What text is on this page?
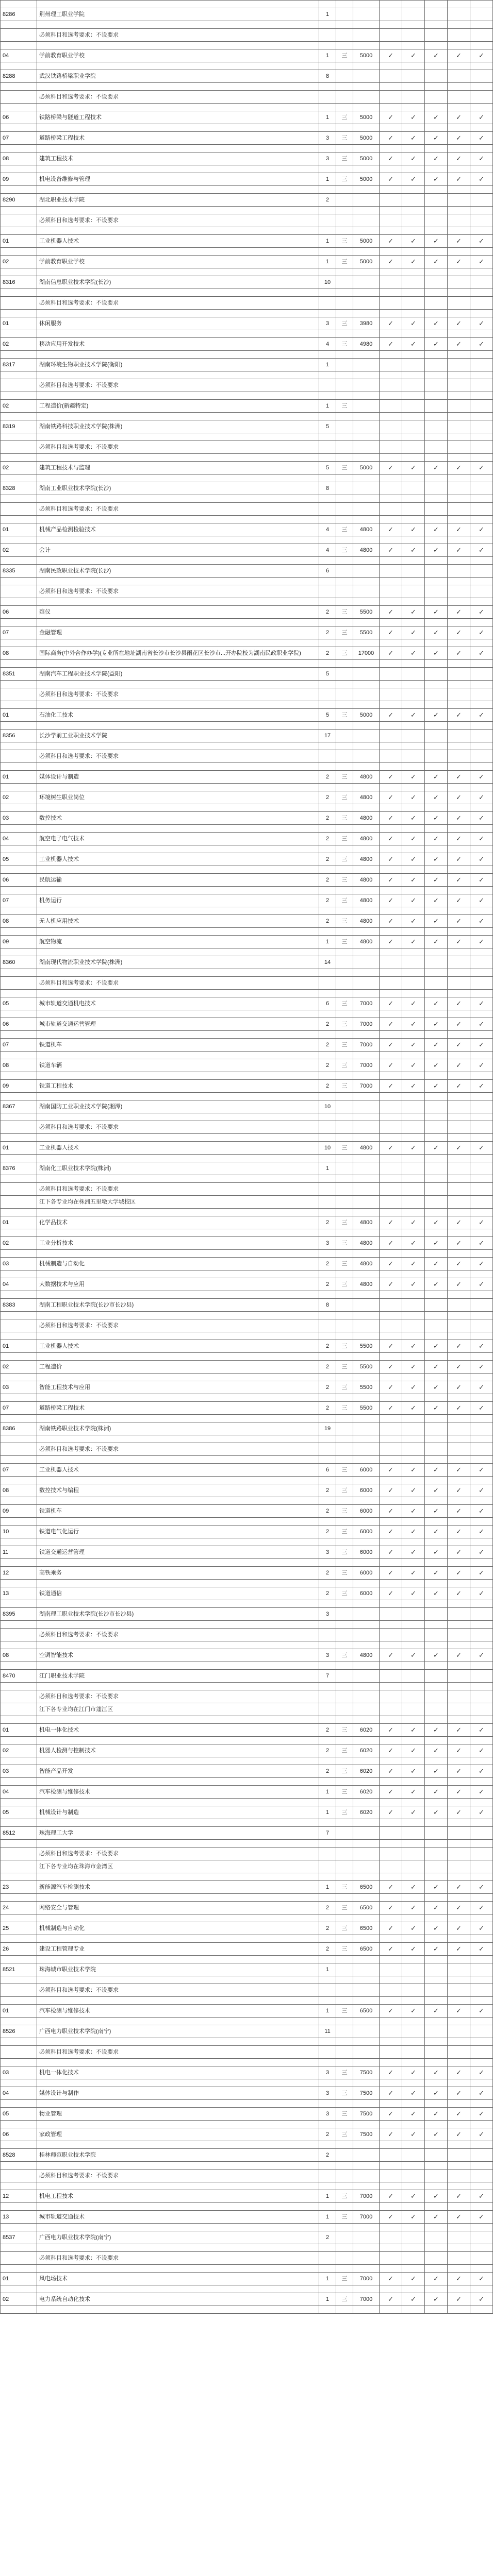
8286	荆州理工职业学院	1							

	必须科目和选考要求：不设要求								

04	学前教育职业学校	1	三	5000	✓	✓	✓	✓	✓

8288	武汉铁路桥梁职业学院	8							

	必须科目和选考要求：不设要求								

06	铁路桥梁与隧道工程技术	1	三	5000	✓	✓	✓	✓	✓

07	道路桥梁工程技术	3	三	5000	✓	✓	✓	✓	✓

08	建筑工程技术	3	三	5000	✓	✓	✓	✓	✓

09	机电设备维修与管理	1	三	5000	✓	✓	✓	✓	✓

8290	湖北职业技术学院	2							

	必须科目和选考要求：不设要求								

01	工业机器人技术	1	三	5000	✓	✓	✓	✓	✓

02	学前教育职业学校	1	三	5000	✓	✓	✓	✓	✓

8316	湖南信息职业技术学院(长沙)	10							

	必须科目和选考要求：不设要求								

01	休闲服务	3	三	3980	✓	✓	✓	✓	✓

02	移动应用开发技术	4	三	4980	✓	✓	✓	✓	✓

8317	湖南环境生物职业技术学院(衡阳)	1							

	必须科目和选考要求：不设要求								

02	工程造价(新疆特定)	1	三						

8319	湖南铁路科技职业技术学院(株洲)	5							

	必须科目和选考要求：不设要求								

02	建筑工程技术与监理	5	三	5000	✓	✓	✓	✓	✓

8328	湖南工业职业技术学院(长沙)	8							

	必须科目和选考要求：不设要求								

01	机械产品检测检验技术	4	三	4800	✓	✓	✓	✓	✓

02	会计	4	三	4800	✓	✓	✓	✓	✓

8335	湖南民政职业技术学院(长沙)	6							

	必须科目和选考要求：不设要求								

06	殡仪	2	三	5500	✓	✓	✓	✓	✓

07	金融管理	2	三	5500	✓	✓	✓	✓	✓

08	国际商务(中外合作办学)(专业所在地址湖南省长沙市长沙县雨花区长沙市...开办院校为湖南民政职业学院)	2	三	17000	✓	✓	✓	✓	✓

8351	湖南汽车工程职业技术学院(益阳)	5							

	必须科目和选考要求：不设要求								

01	石油化工技术	5	三	5000	✓	✓	✓	✓	✓

8356	长沙学前工业职业技术学院	17							

	必须科目和选考要求：不设要求								

01	媒体设计与制造	2	三	4800	✓	✓	✓	✓	✓

02	环境树生职业岗位	2	三	4800	✓	✓	✓	✓	✓

03	数控技术	2	三	4800	✓	✓	✓	✓	✓

04	航空电子电气技术	2	三	4800	✓	✓	✓	✓	✓

05	工业机器人技术	2	三	4800	✓	✓	✓	✓	✓

06	民航运输	2	三	4800	✓	✓	✓	✓	✓

07	机务运行	2	三	4800	✓	✓	✓	✓	✓

08	无人机应用技术	2	三	4800	✓	✓	✓	✓	✓

09	航空物流	1	三	4800	✓	✓	✓	✓	✓

8360	湖南现代物流职业技术学院(株洲)	14							

	必须科目和选考要求：不设要求								

05	城市轨道交通机电技术	6	三	7000	✓	✓	✓	✓	✓

06	城市轨道交通运营管理	2	三	7000	✓	✓	✓	✓	✓

07	铁道机车	2	三	7000	✓	✓	✓	✓	✓

08	铁道车辆	2	三	7000	✓	✓	✓	✓	✓

09	铁道工程技术	2	三	7000	✓	✓	✓	✓	✓

8367	湖南国防工业职业技术学院(湘潭)	10							

	必须科目和选考要求：不设要求								

01	工业机器人技术	10	三	4800	✓	✓	✓	✓	✓

8376	湖南化工职业技术学院(株洲)	1							

	必须科目和选考要求：不设要求								
	江下各专业均在株洲五里墩大学城校区								

01	化学品技术	2	三	4800	✓	✓	✓	✓	✓

02	工业分析技术	3	三	4800	✓	✓	✓	✓	✓

03	机械制造与自动化	2	三	4800	✓	✓	✓	✓	✓

04	大数据技术与应用	2	三	4800	✓	✓	✓	✓	✓

8383	湖南工程职业技术学院(长沙市长沙县)	8							

	必须科目和选考要求：不设要求								

01	工业机器人技术	2	三	5500	✓	✓	✓	✓	✓

02	工程造价	2	三	5500	✓	✓	✓	✓	✓

03	智能工程技术与应用	2	三	5500	✓	✓	✓	✓	✓

07	道路桥梁工程技术	2	三	5500	✓	✓	✓	✓	✓

8386	湖南铁路职业技术学院(株洲)	19							

	必须科目和选考要求：不设要求								

07	工业机器人技术	6	三	6000	✓	✓	✓	✓	✓

08	数控技术与编程	2	三	6000	✓	✓	✓	✓	✓

09	铁道机车	2	三	6000	✓	✓	✓	✓	✓

10	铁道电气化运行	2	三	6000	✓	✓	✓	✓	✓

11	铁道交通运营管理	3	三	6000	✓	✓	✓	✓	✓

12	高铁乘务	2	三	6000	✓	✓	✓	✓	✓

13	铁道通信	2	三	6000	✓	✓	✓	✓	✓

8395	湖南理工职业技术学院(长沙市长沙县)	3							

	必须科目和选考要求：不设要求								

08	空调智能技术	3	三	4800	✓	✓	✓	✓	✓

8470	江门职业技术学院	7							

	必须科目和选考要求：不设要求								
	江下各专业均在江门市蓬江区								

01	机电一体化技术	2	三	6020	✓	✓	✓	✓	✓

02	机器人检测与控制技术	2	三	6020	✓	✓	✓	✓	✓

03	智能产品开发	2	三	6020	✓	✓	✓	✓	✓

04	汽车检测与维修技术	1	三	6020	✓	✓	✓	✓	✓

05	机械设计与制造	1	三	6020	✓	✓	✓	✓	✓

8512	珠海理工大学	7							

	必须科目和选考要求：不设要求								
	江下各专业均在珠海市金湾区								

23	新能源汽车检测技术	1	三	6500	✓	✓	✓	✓	✓

24	网络安全与管理	2	三	6500	✓	✓	✓	✓	✓

25	机械制造与自动化	2	三	6500	✓	✓	✓	✓	✓

26	建设工程管理专业	2	三	6500	✓	✓	✓	✓	✓

8521	珠海城市职业技术学院	1							

	必须科目和选考要求：不设要求								

01	汽车检测与维修技术	1	三	6500	✓	✓	✓	✓	✓

8526	广西电力职业技术学院(南宁)	11							

	必须科目和选考要求：不设要求								

03	机电一体化技术	3	三	7500	✓	✓	✓	✓	✓

04	媒体设计与制作	3	三	7500	✓	✓	✓	✓	✓

05	物业管理	3	三	7500	✓	✓	✓	✓	✓

06	家政管理	2	三	7500	✓	✓	✓	✓	✓

8528	桂林师范职业技术学院	2							

	必须科目和选考要求：不设要求								

12	机电工程技术	1	三	7000	✓	✓	✓	✓	✓

13	城市轨道交通技术	1	三	7000	✓	✓	✓	✓	✓

8537	广西电力职业技术学院(南宁)	2							

	必须科目和选考要求：不设要求								

01	风电场技术	1	三	7000	✓	✓	✓	✓	✓

02	电力系统自动化技术	1	三	7000	✓	✓	✓	✓	✓
